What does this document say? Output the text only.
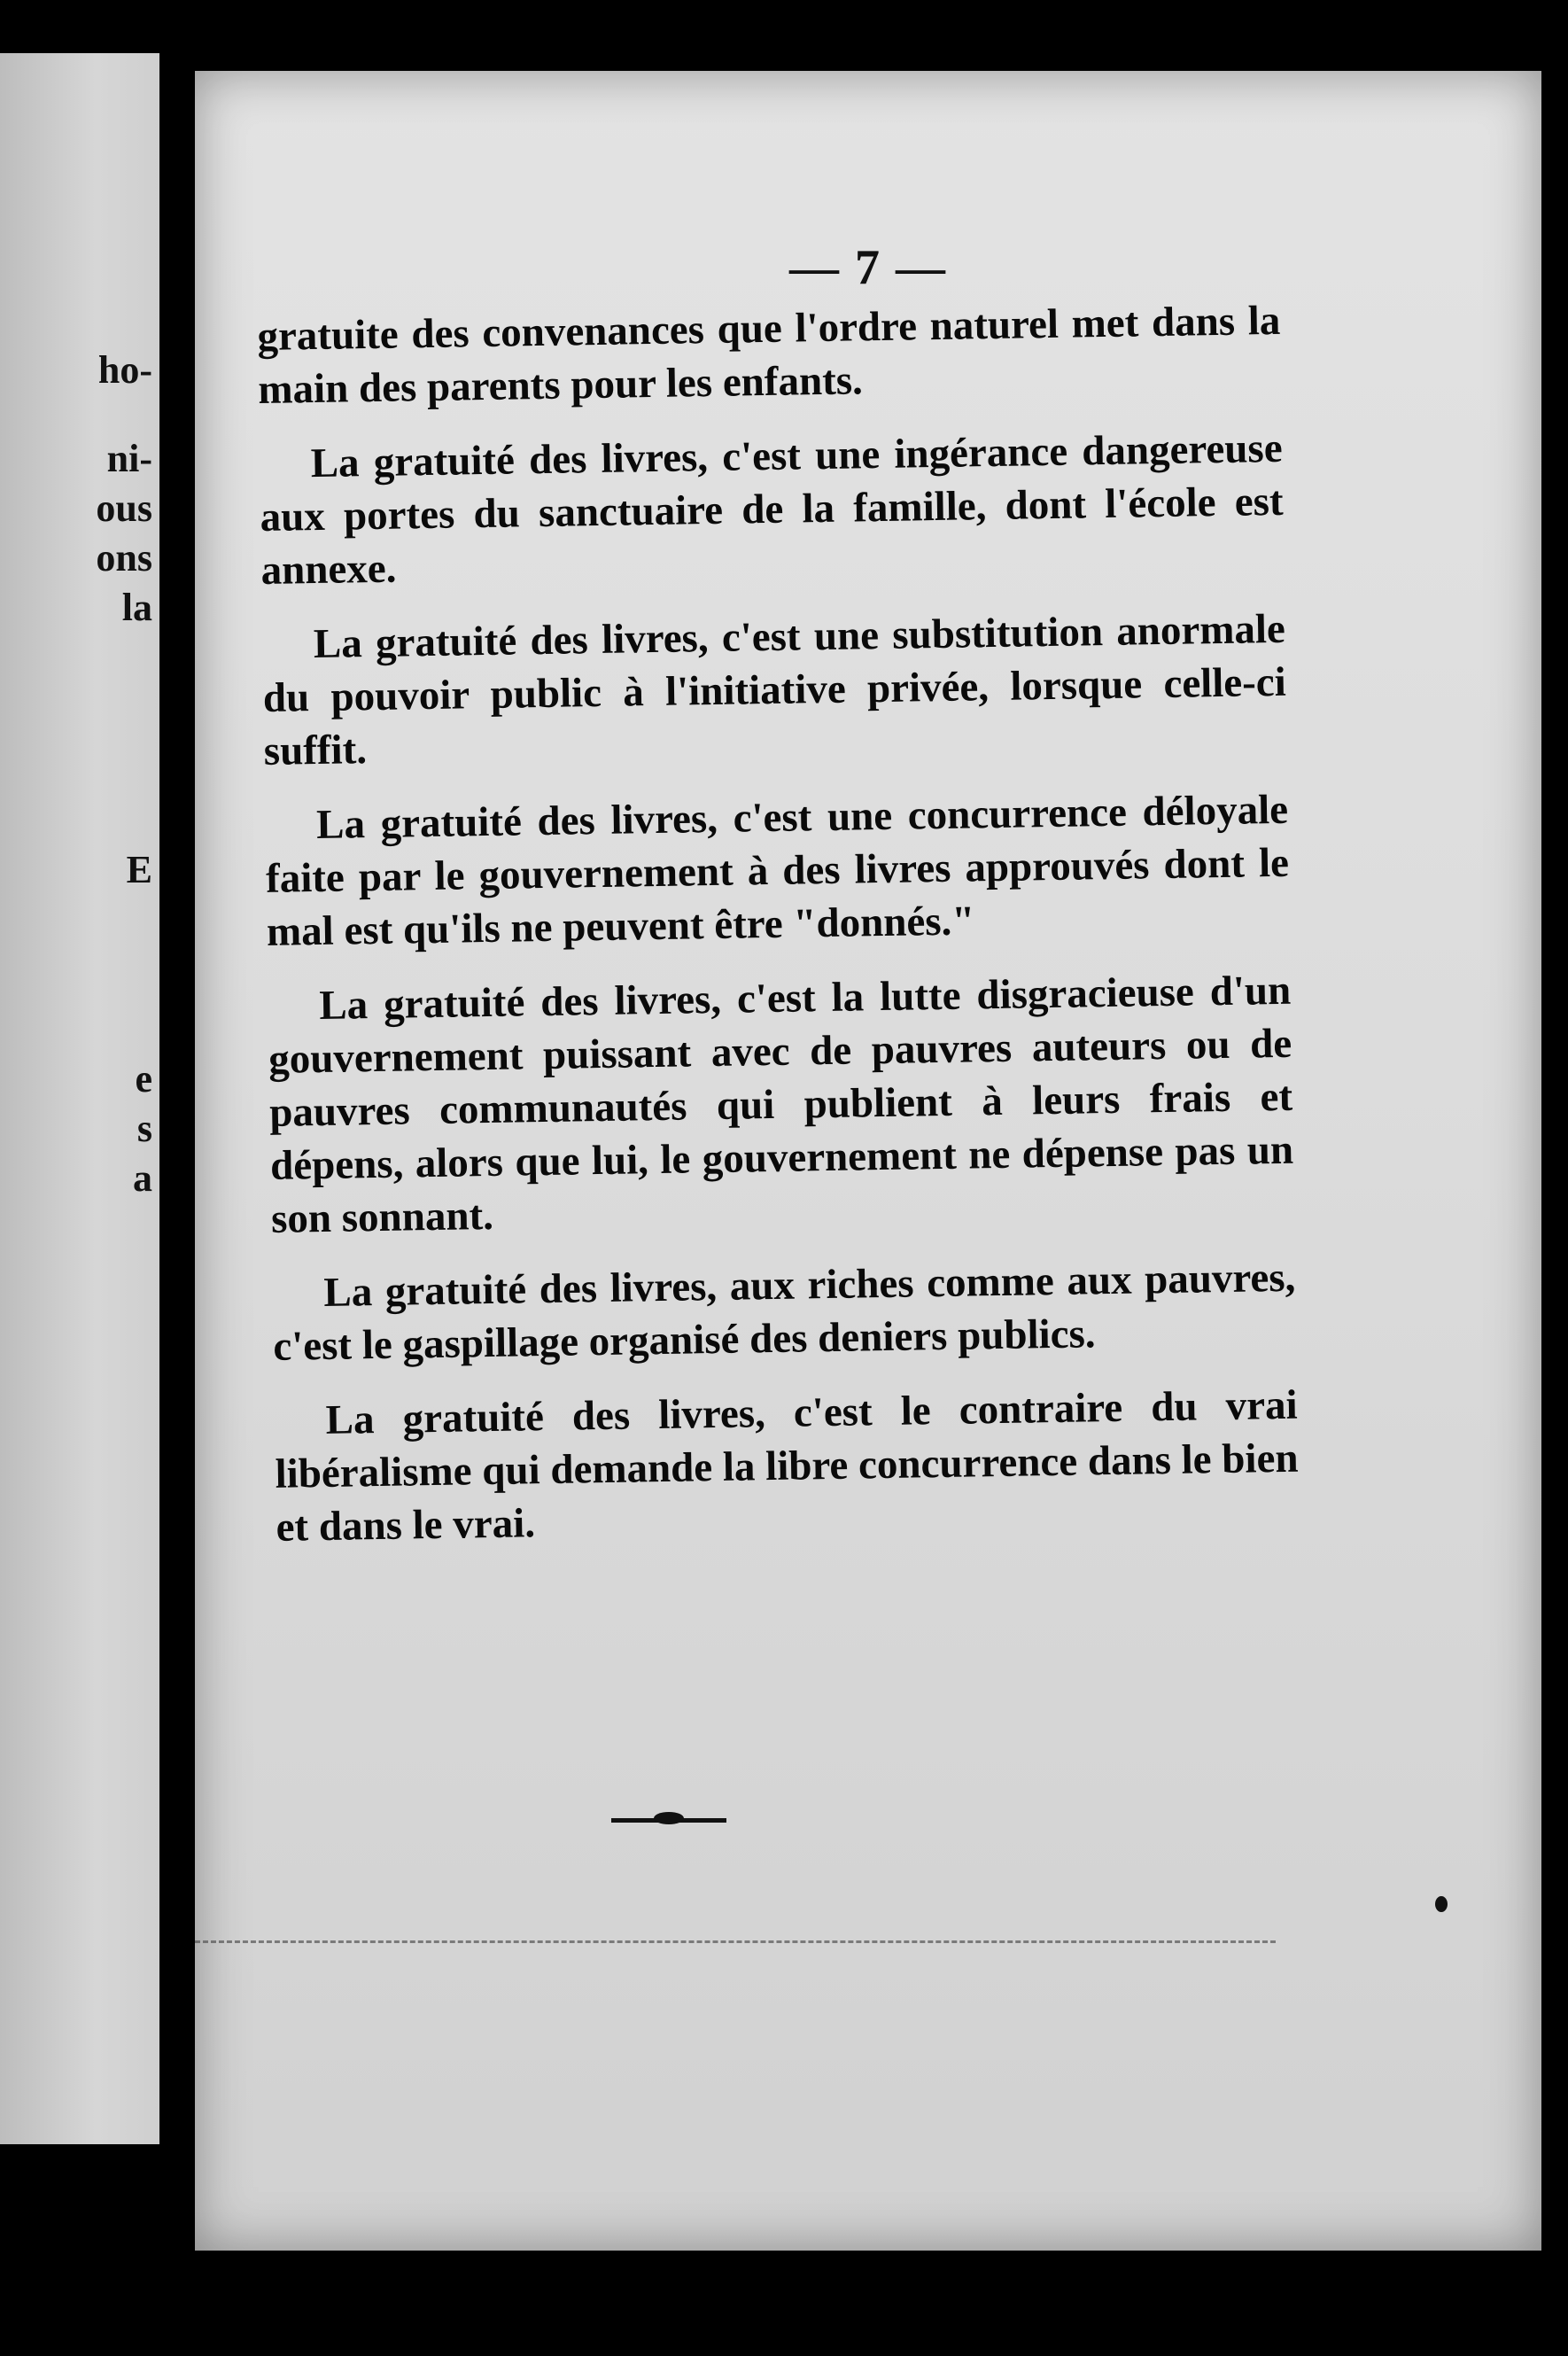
ho-
ni-
ous
ons
la
E
e
s
a
— 7 —

gratuite des convenances que l'ordre naturel met dans la main des parents pour les enfants.

La gratuité des livres, c'est une ingérance dangereuse aux portes du sanctuaire de la famille, dont l'école est annexe.

La gratuité des livres, c'est une substitution anormale du pouvoir public à l'initiative privée, lorsque celle-ci suffit.

La gratuité des livres, c'est une concurrence déloyale faite par le gouvernement à des livres approuvés dont le mal est qu'ils ne peuvent être "donnés."

La gratuité des livres, c'est la lutte disgracieuse d'un gouvernement puissant avec de pauvres auteurs ou de pauvres communautés qui publient à leurs frais et dépens, alors que lui, le gouvernement ne dépense pas un son sonnant.

La gratuité des livres, aux riches comme aux pauvres, c'est le gaspillage organisé des deniers publics.

La gratuité des livres, c'est le contraire du vrai libéralisme qui demande la libre concurrence dans le bien et dans le vrai.
